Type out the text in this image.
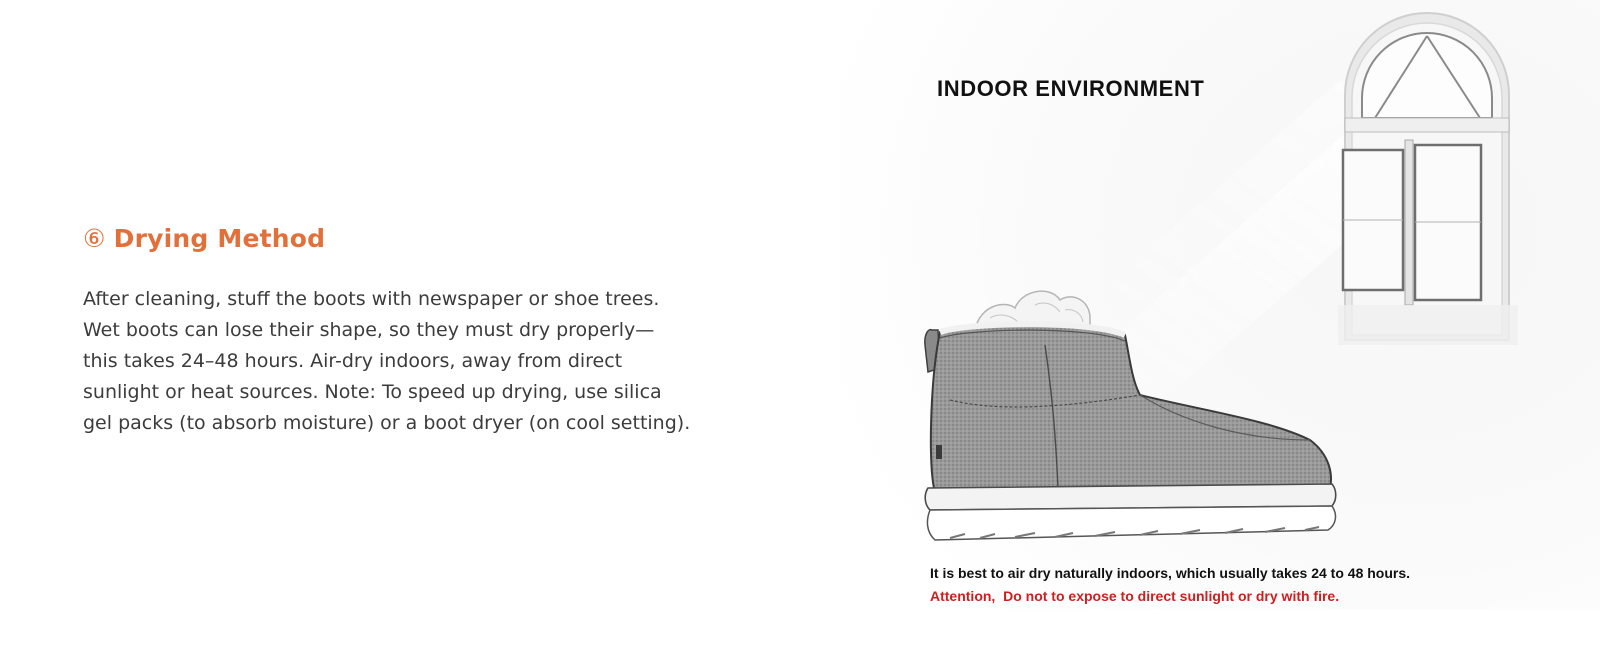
⑥ Drying Method

After cleaning, stuff the boots with newspaper or shoe trees.
Wet boots can lose their shape, so they must dry properly—
this takes 24–48 hours. Air-dry indoors, away from direct
sunlight or heat sources. Note: To speed up drying, use silica
gel packs (to absorb moisture) or a boot dryer (on cool setting).

INDOOR ENVIRONMENT

It is best to air dry naturally indoors, which usually takes 24 to 48 hours.

Attention,  Do not to expose to direct sunlight or dry with fire.
